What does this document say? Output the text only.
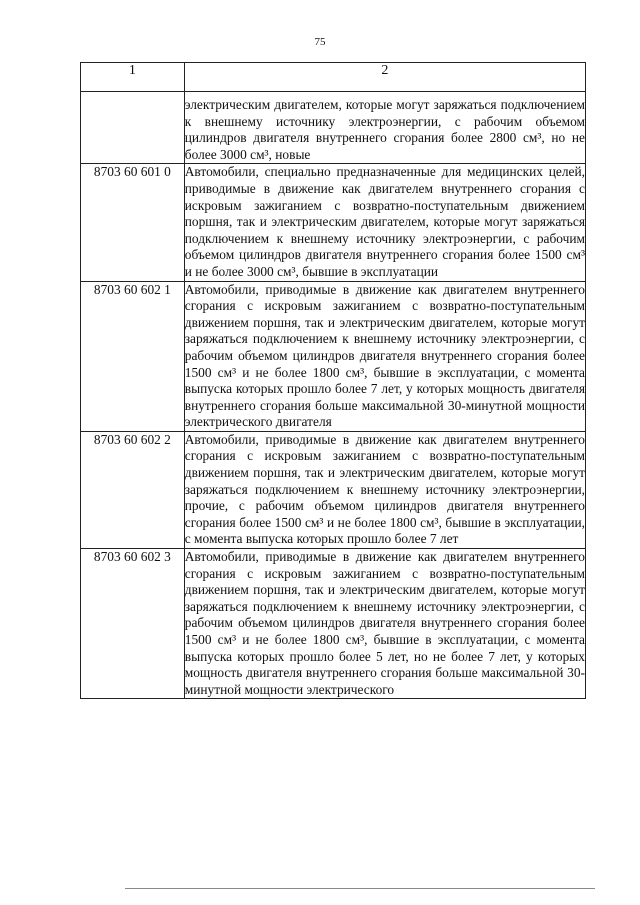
75
1	2
	электрическим двигателем, которые могут заряжаться подключением к внешнему источнику электроэнергии, с рабочим объемом цилиндров двигателя внутреннего сгорания более 2800 см³, но не более 3000 см³, новые
8703 60 601 0	Автомобили, специально предназначенные для медицинских целей, приводимые в движение как двигателем внутреннего сгорания с искровым зажиганием с возвратно-поступательным движением поршня, так и электрическим двигателем, которые могут заряжаться подключением к внешнему источнику электроэнергии, с рабочим объемом цилиндров двигателя внутреннего сгорания более 1500 см³ и не более 3000 см³, бывшие в эксплуатации
8703 60 602 1	Автомобили, приводимые в движение как двигателем внутреннего сгорания с искровым зажиганием с возвратно-поступательным движением поршня, так и электрическим двигателем, которые могут заряжаться подключением к внешнему источнику электроэнергии, с рабочим объемом цилиндров двигателя внутреннего сгорания более 1500 см³ и не более 1800 см³, бывшие в эксплуатации, с момента выпуска которых прошло более 7 лет, у которых мощность двигателя внутреннего сгорания больше максимальной 30-минутной мощности электрического двигателя
8703 60 602 2	Автомобили, приводимые в движение как двигателем внутреннего сгорания с искровым зажиганием с возвратно-поступательным движением поршня, так и электрическим двигателем, которые могут заряжаться подключением к внешнему источнику электроэнергии, прочие, с рабочим объемом цилиндров двигателя внутреннего сгорания более 1500 см³ и не более 1800 см³, бывшие в эксплуатации, с момента выпуска которых прошло более 7 лет
8703 60 602 3	Автомобили, приводимые в движение как двигателем внутреннего сгорания с искровым зажиганием с возвратно-поступательным движением поршня, так и электрическим двигателем, которые могут заряжаться подключением к внешнему источнику электроэнергии, с рабочим объемом цилиндров двигателя внутреннего сгорания более 1500 см³ и не более 1800 см³, бывшие в эксплуатации, с момента выпуска которых прошло более 5 лет, но не более 7 лет, у которых мощность двигателя внутреннего сгорания больше максимальной 30-минутной мощности электрического
